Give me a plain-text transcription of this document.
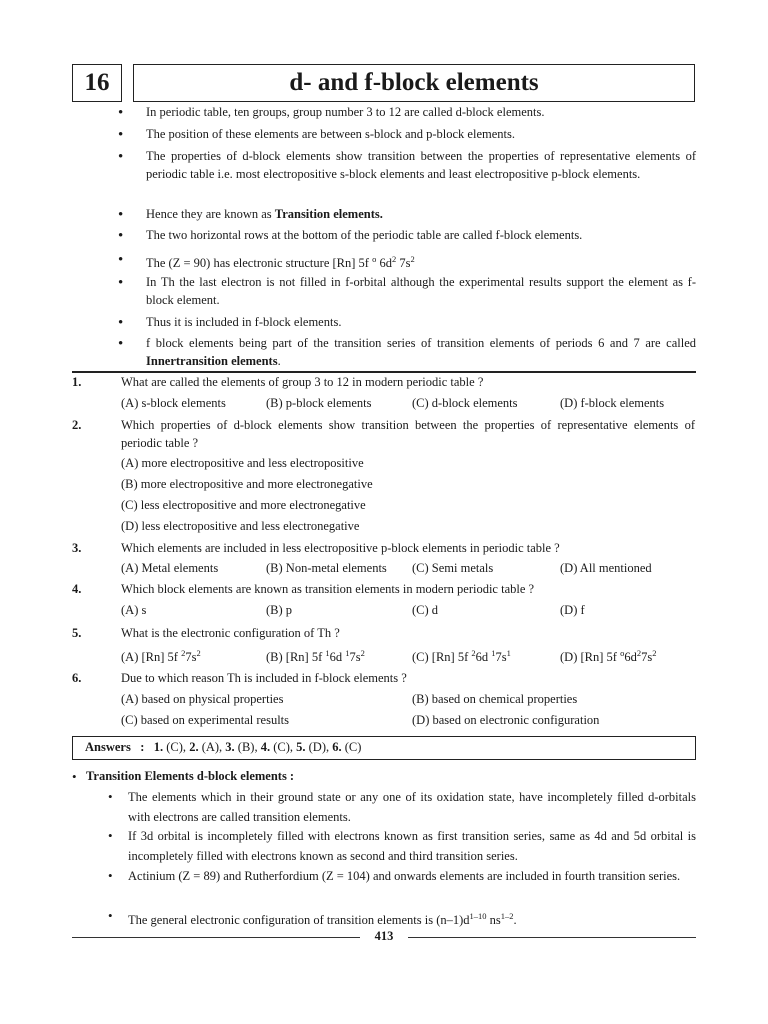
16	d- and f-block elements
• In periodic table, ten groups, group number 3 to 12 are called d-block elements.
• The position of these elements are between s-block and p-block elements.
• The properties of d-block elements show transition between the properties of representative elements of periodic table i.e. most electropositive s-block elements and least electropositive p-block elements.
• Hence they are known as Transition elements.
• The two horizontal rows at the bottom of the periodic table are called f-block elements.
• The (Z = 90) has electronic structure [Rn] 5f $^o$ $6d^2$ $7s^2$
• In Th the last electron is not filled in f-orbital although the experimental results support the element as f-block element.
• Thus it is included in f-block elements.
• f block elements being part of the transition series of transition elements of periods 6 and 7 are called Innertransition elements.
1.	What are called the elements of group 3 to 12 in modern periodic table ?
(A) s-block elements	(B) p-block elements	(C) d-block elements	(D) f-block elements
2.	Which properties of d-block elements show transition between the properties of representative elements of periodic table ?
(A) more electropositive and less electropositive
(B) more electropositive and more electronegative
(C) less electropositive and more electronegative
(D) less electropositive and less electronegative
3.	Which elements are included in less electropositive p-block elements in periodic table ?
(A) Metal elements	(B) Non-metal elements (C) Semi metals	(D) All mentioned
4.	Which block elements are known as transition elements in modern periodic table ?
(A) s	(B) p	(C) d	(D) f
5.	What is the electronic configuration of Th ?
(A) [Rn] 5f $^27s^2$	(B) [Rn] 5f $^1$6d $^17s^2$	(C) [Rn] 5f $^2$6d $^17s^1$	(D) [Rn] 5f $^o6d^27s^2$
6.	Due to which reason Th is included in f-block elements ?
(A) based on physical properties	(B) based on chemical properties
(C) based on experimental results	(D) based on electronic configuration
Answers : 1. (C), 2. (A), 3. (B), 4. (C), 5. (D), 6. (C)
• Transition Elements d-block elements :
• The elements which in their ground state or any one of its oxidation state, have incompletely filled d-orbitals with electrons are called transition elements.
• If 3d orbital is incompletely filled with electrons known as first transition series, same as 4d and 5d orbital is incompletely filled with electrons known as second and third transition series.
• Actinium (Z = 89) and Rutherfordium (Z = 104) and onwards elements are included in fourth transition series.
• The general electronic configuration of transition elements is $(n-1)d^{1-10}$ $ns^{1-2}$.
413
